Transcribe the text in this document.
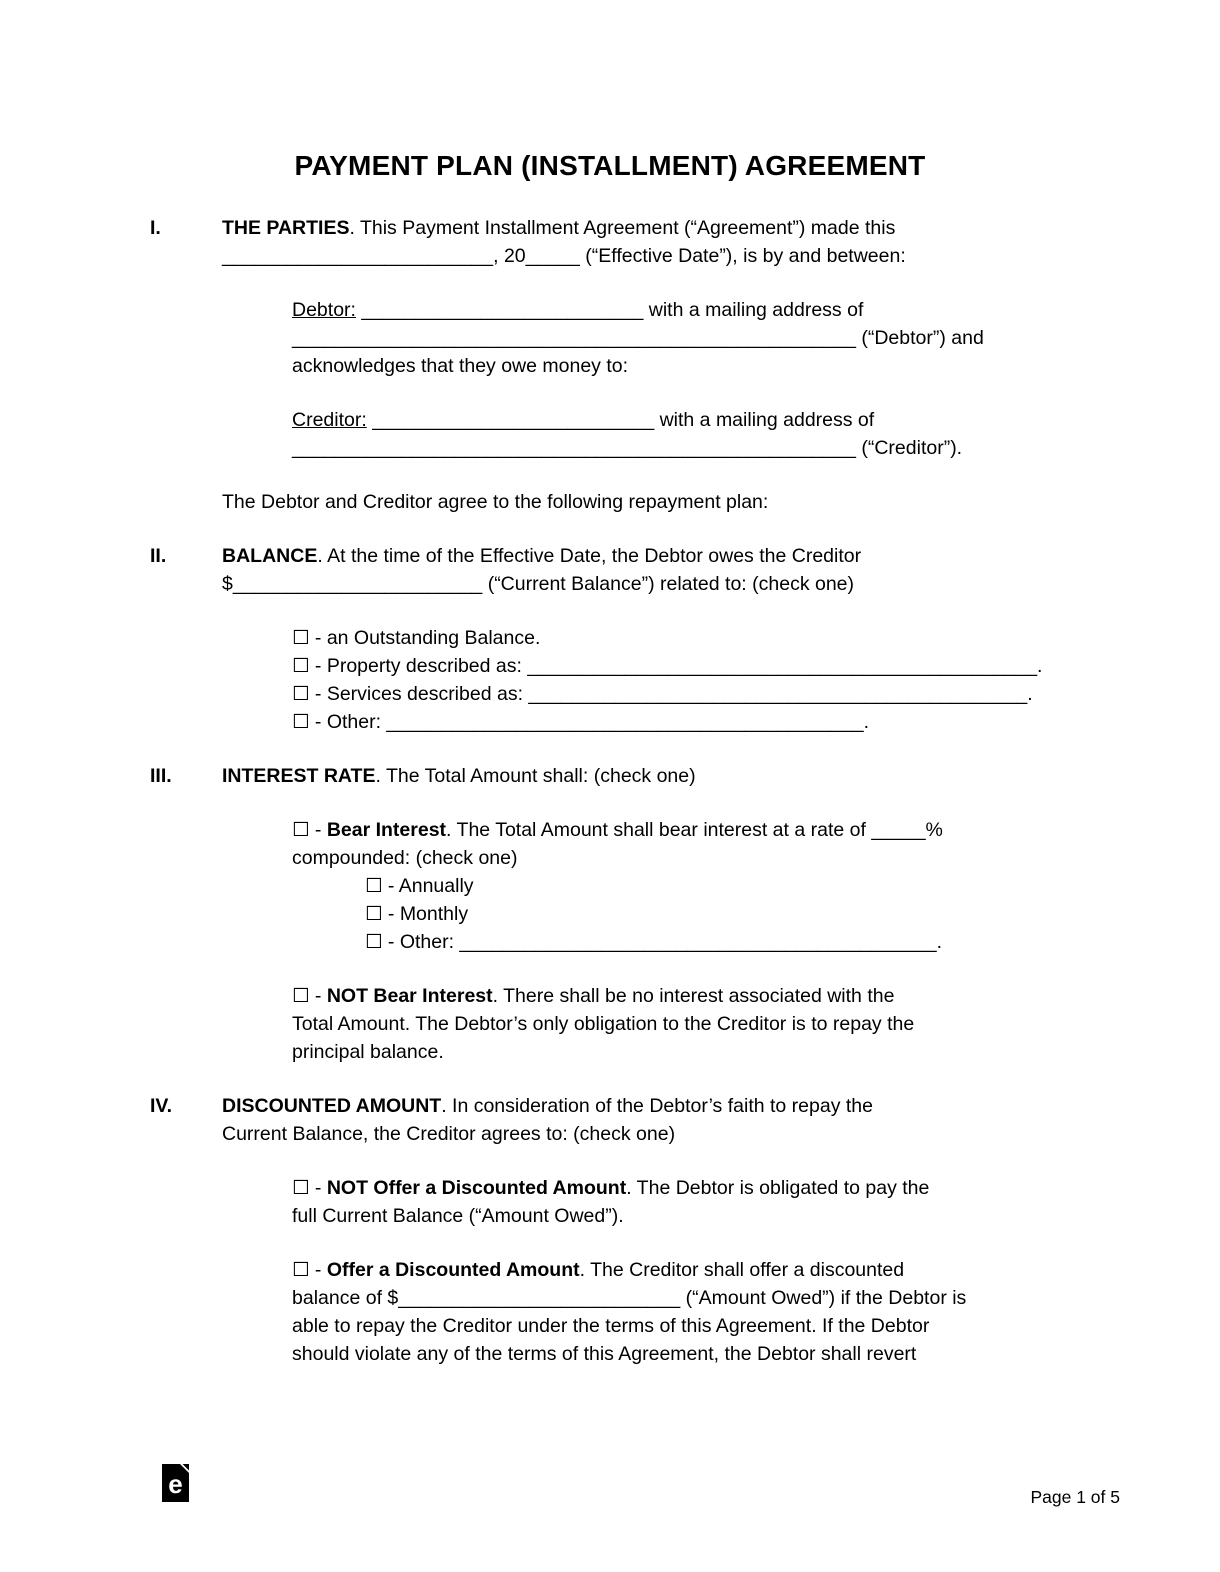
PAYMENT PLAN (INSTALLMENT) AGREEMENT
I.	THE PARTIES. This Payment Installment Agreement (“Agreement”) made this
_________________________, 20_____ (“Effective Date”), is by and between:
Debtor: __________________________ with a mailing address of
____________________________________________________ (“Debtor”) and
acknowledges that they owe money to:
Creditor: __________________________ with a mailing address of
____________________________________________________ (“Creditor”).
The Debtor and Creditor agree to the following repayment plan:
II.	BALANCE. At the time of the Effective Date, the Debtor owes the Creditor
$_______________________ (“Current Balance”) related to: (check one)
☐ - an Outstanding Balance.
☐ - Property described as: _______________________________________________.
☐ - Services described as: ______________________________________________.
☐ - Other: ____________________________________________.
III.	INTEREST RATE. The Total Amount shall: (check one)
☐ - Bear Interest. The Total Amount shall bear interest at a rate of _____%
compounded: (check one)
☐ - Annually
☐ - Monthly
☐ - Other: ____________________________________________.
☐ - NOT Bear Interest. There shall be no interest associated with the
Total Amount. The Debtor’s only obligation to the Creditor is to repay the
principal balance.
IV.	DISCOUNTED AMOUNT. In consideration of the Debtor’s faith to repay the
Current Balance, the Creditor agrees to: (check one)
☐ - NOT Offer a Discounted Amount. The Debtor is obligated to pay the
full Current Balance (“Amount Owed”).
☐ - Offer a Discounted Amount. The Creditor shall offer a discounted
balance of $__________________________ (“Amount Owed”) if the Debtor is
able to repay the Creditor under the terms of this Agreement. If the Debtor
should violate any of the terms of this Agreement, the Debtor shall revert
e	Page 1 of 5
